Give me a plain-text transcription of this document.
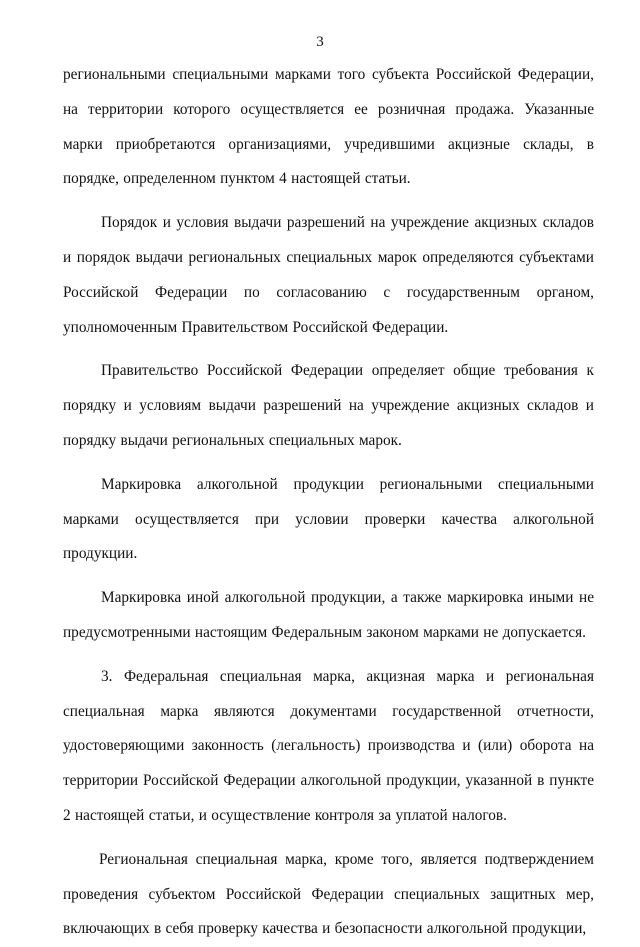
3

региональными специальными марками того субъекта Российской Федерации, на территории которого осуществляется ее розничная продажа. Указанные марки приобретаются организациями, учредившими акцизные склады, в порядке, определенном пунктом 4 настоящей статьи.

Порядок и условия выдачи разрешений на учреждение акцизных складов и порядок выдачи региональных специальных марок определяются субъектами Российской Федерации по согласованию с государственным органом, уполномоченным Правительством Российской Федерации.

Правительство Российской Федерации определяет общие требования к порядку и условиям выдачи разрешений на учреждение акцизных складов и порядку выдачи региональных специальных марок.

Маркировка алкогольной продукции региональными специальными марками осуществляется при условии проверки качества алкогольной продукции.

Маркировка иной алкогольной продукции, а также маркировка иными не предусмотренными настоящим Федеральным законом марками не допускается.

3. Федеральная специальная марка, акцизная марка и региональная специальная марка являются документами государственной отчетности, удостоверяющими законность (легальность) производства и (или) оборота на территории Российской Федерации алкогольной продукции, указанной в пункте 2 настоящей статьи, и осуществление контроля за уплатой налогов.

Региональная специальная марка, кроме того, является подтверждением проведения субъектом Российской Федерации специальных защитных мер, включающих в себя проверку качества и безопасности алкогольной продукции,
